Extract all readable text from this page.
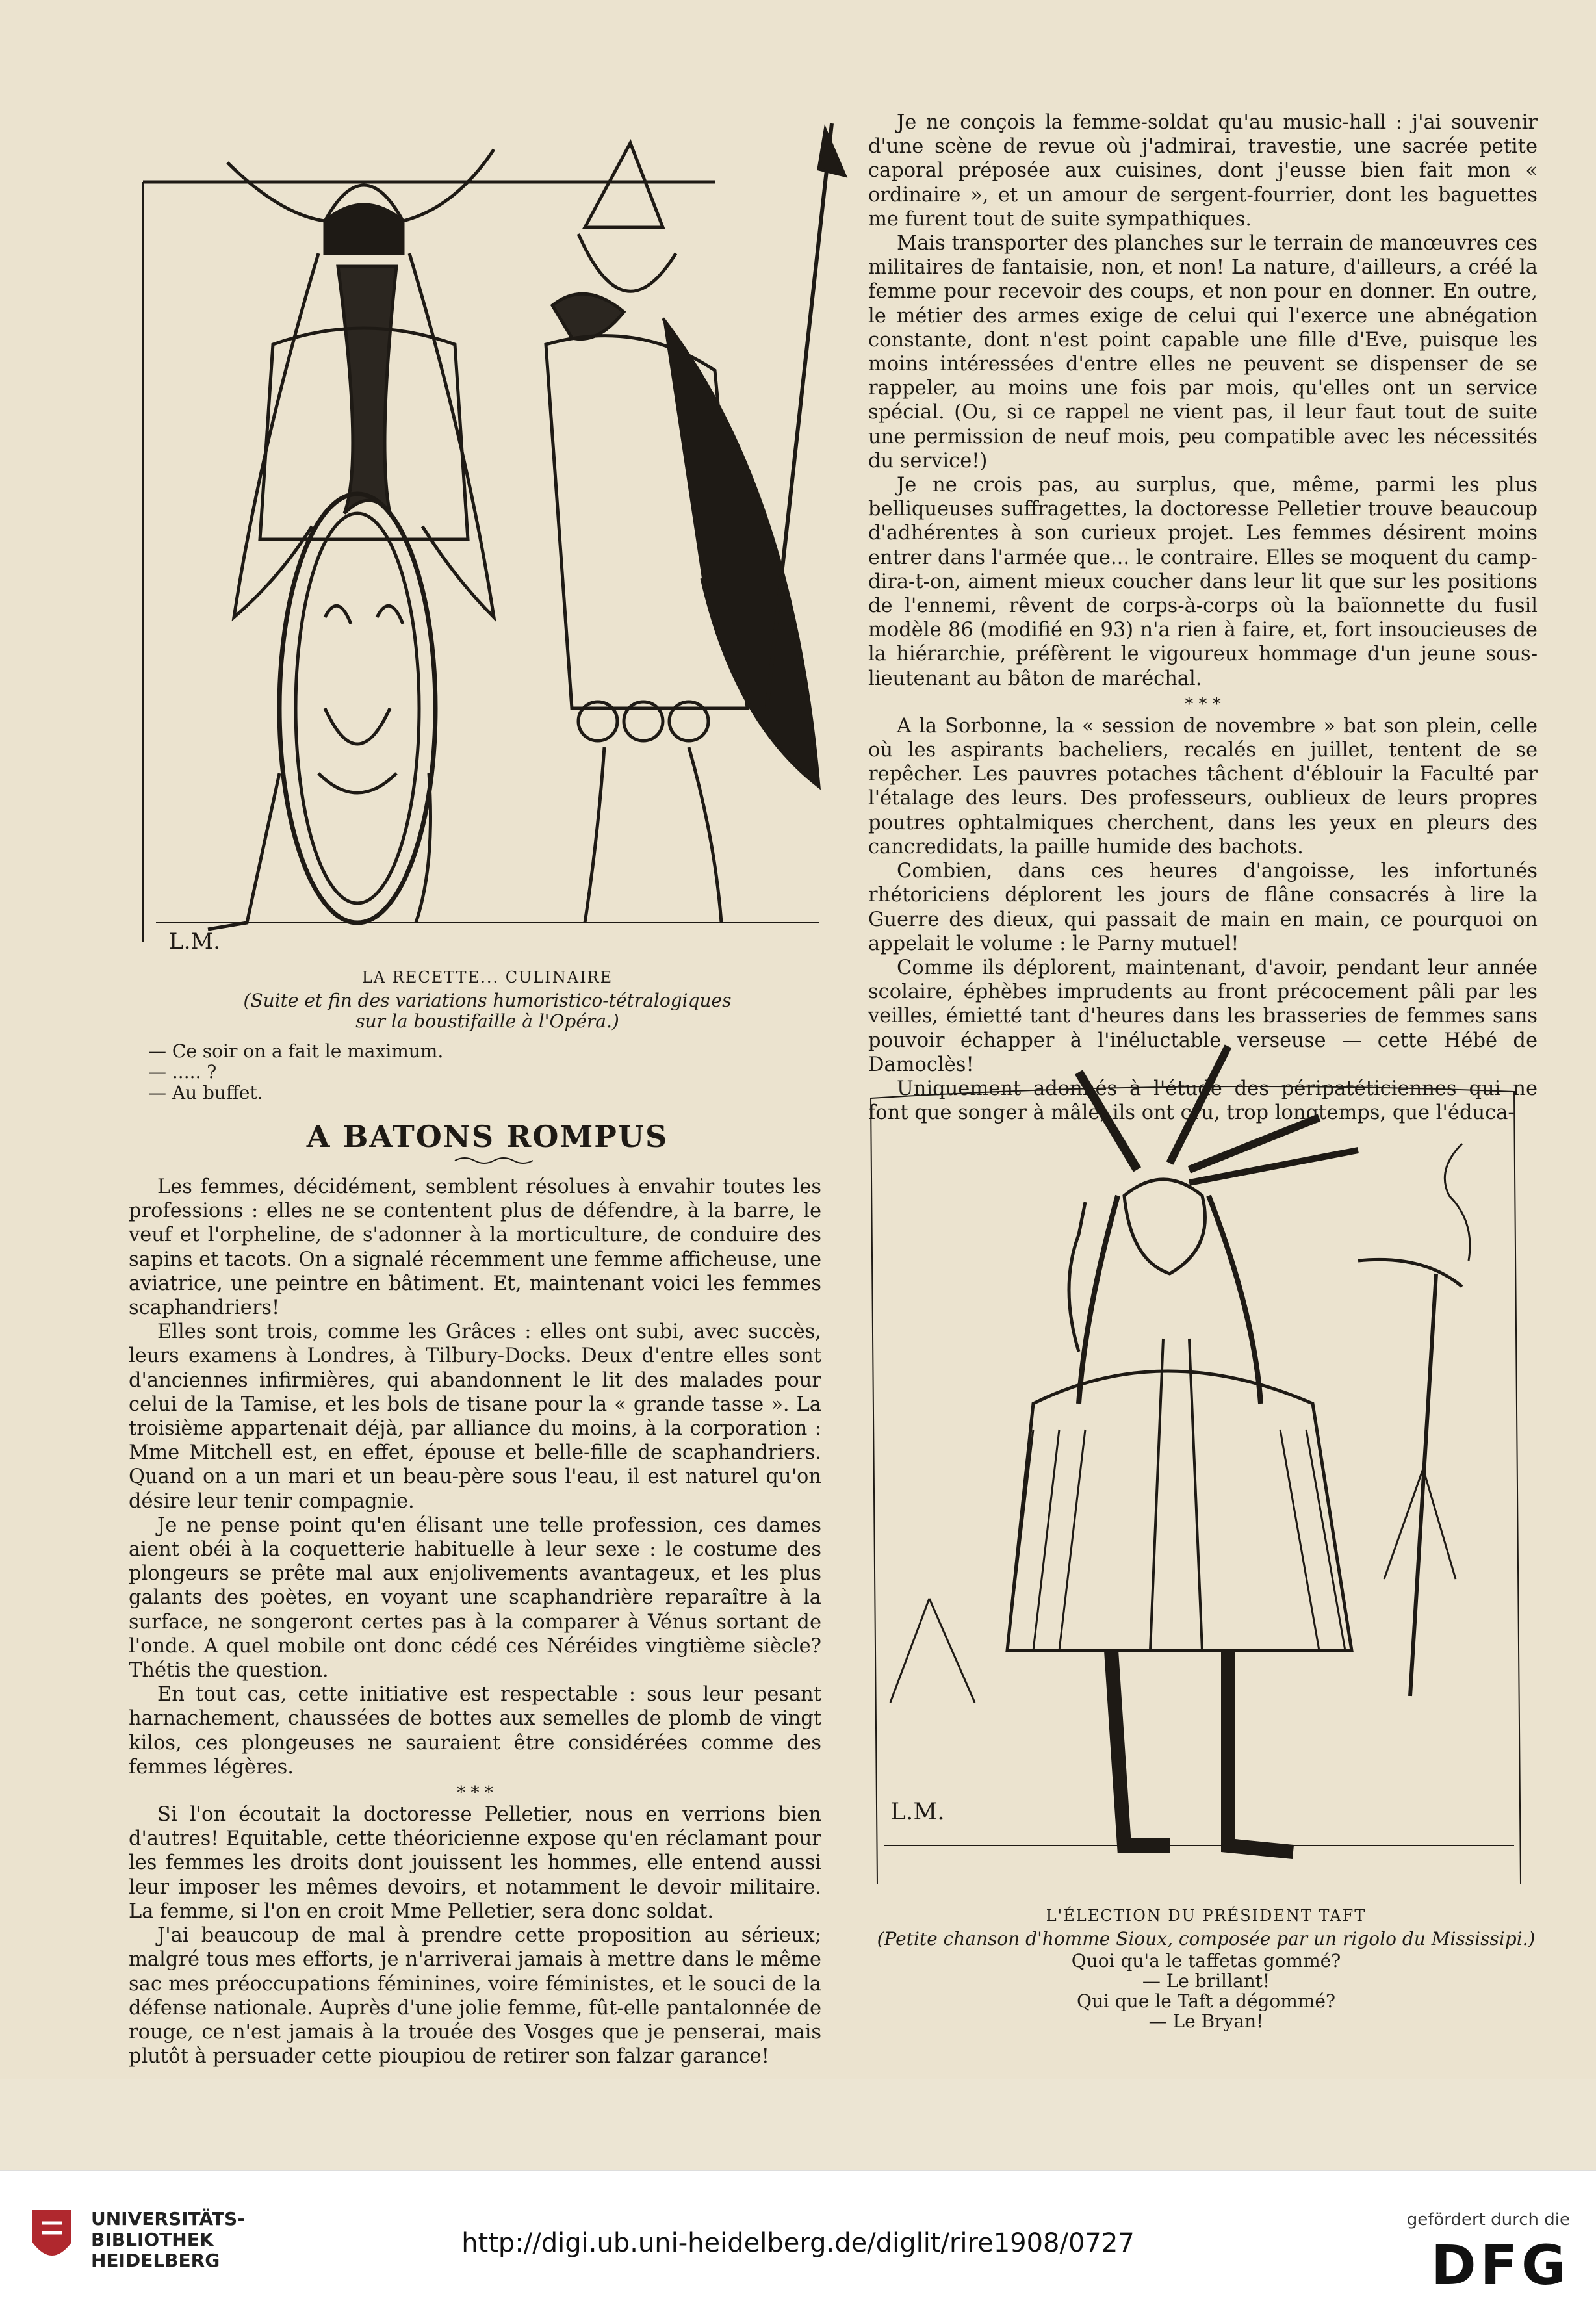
L.M.

LA RECETTE... CULINAIRE

(Suite et fin des variations humoristico-tétralogiques

sur la boustifaille à l'Opéra.)

— Ce soir on a fait le maximum.
— ..... ?
— Au buffet.
A BATONS ROMPUS

Les femmes, décidément, semblent résolues à envahir toutes les professions : elles ne se contentent plus de défendre, à la barre, le veuf et l'orpheline, de s'adonner à la morticulture, de conduire des sapins et tacots. On a signalé récemment une femme afficheuse, une aviatrice, une peintre en bâtiment. Et, maintenant voici les femmes scaphandriers!

Elles sont trois, comme les Grâces : elles ont subi, avec succès, leurs examens à Londres, à Tilbury-Docks. Deux d'entre elles sont d'anciennes infirmières, qui abandonnent le lit des malades pour celui de la Tamise, et les bols de tisane pour la « grande tasse ». La troisième appartenait déjà, par alliance du moins, à la corporation : Mme Mitchell est, en effet, épouse et belle-fille de scaphandriers. Quand on a un mari et un beau-père sous l'eau, il est naturel qu'on désire leur tenir compagnie.

Je ne pense point qu'en élisant une telle profession, ces dames aient obéi à la coquetterie habituelle à leur sexe : le costume des plongeurs se prête mal aux enjolivements avantageux, et les plus galants des poètes, en voyant une scaphandrière reparaître à la surface, ne songeront certes pas à la comparer à Vénus sortant de l'onde. A quel mobile ont donc cédé ces Néréides vingtième siècle? Thétis the question.

En tout cas, cette initiative est respectable : sous leur pesant harnachement, chaussées de bottes aux semelles de plomb de vingt kilos, ces plongeuses ne sauraient être considérées comme des femmes légères.

* * *

Si l'on écoutait la doctoresse Pelletier, nous en verrions bien d'autres! Equitable, cette théoricienne expose qu'en réclamant pour les femmes les droits dont jouissent les hommes, elle entend aussi leur imposer les mêmes devoirs, et notamment le devoir militaire. La femme, si l'on en croit Mme Pelletier, sera donc soldat.

J'ai beaucoup de mal à prendre cette proposition au sérieux; malgré tous mes efforts, je n'arriverai jamais à mettre dans le même sac mes préoccupations féminines, voire féministes, et le souci de la défense nationale. Auprès d'une jolie femme, fût-elle pantalonnée de rouge, ce n'est jamais à la trouée des Vosges que je penserai, mais plutôt à persuader cette pioupiou de retirer son falzar garance!

Je ne conçois la femme-soldat qu'au music-hall : j'ai souvenir d'une scène de revue où j'admirai, travestie, une sacrée petite caporal préposée aux cuisines, dont j'eusse bien fait mon « ordinaire », et un amour de sergent-fourrier, dont les baguettes me furent tout de suite sympathiques.

Mais transporter des planches sur le terrain de manœuvres ces militaires de fantaisie, non, et non! La nature, d'ailleurs, a créé la femme pour recevoir des coups, et non pour en donner. En outre, le métier des armes exige de celui qui l'exerce une abnégation constante, dont n'est point capable une fille d'Eve, puisque les moins intéressées d'entre elles ne peuvent se dispenser de se rappeler, au moins une fois par mois, qu'elles ont un service spécial. (Ou, si ce rappel ne vient pas, il leur faut tout de suite une permission de neuf mois, peu compatible avec les nécessités du service!)

Je ne crois pas, au surplus, que, même, parmi les plus belliqueuses suffragettes, la doctoresse Pelletier trouve beaucoup d'adhérentes à son curieux projet. Les femmes désirent moins entrer dans l'armée que... le contraire. Elles se moquent du camp-dira-t-on, aiment mieux coucher dans leur lit que sur les positions de l'ennemi, rêvent de corps-à-corps où la baïonnette du fusil modèle 86 (modifié en 93) n'a rien à faire, et, fort insoucieuses de la hiérarchie, préfèrent le vigoureux hommage d'un jeune sous-lieutenant au bâton de maréchal.

* * *

A la Sorbonne, la « session de novembre » bat son plein, celle où les aspirants bacheliers, recalés en juillet, tentent de se repêcher. Les pauvres potaches tâchent d'éblouir la Faculté par l'étalage des leurs. Des professeurs, oublieux de leurs propres poutres ophtalmiques cherchent, dans les yeux en pleurs des cancredidats, la paille humide des bachots.

Combien, dans ces heures d'angoisse, les infortunés rhétoriciens déplorent les jours de flâne consacrés à lire la Guerre des dieux, qui passait de main en main, ce pourquoi on appelait le volume : le Parny mutuel!

Comme ils déplorent, maintenant, d'avoir, pendant leur année scolaire, éphèbes imprudents au front précocement pâli par les veilles, émietté tant d'heures dans les brasseries de femmes sans pouvoir échapper à l'inéluctable verseuse — cette Hébé de Damoclès!

Uniquement adonnés à l'étude des péripatéticiennes qui ne font que songer à mâle, ils ont cru, trop longtemps, que l'éduca-

L.M.

L'ÉLECTION DU PRÉSIDENT TAFT

(Petite chanson d'homme Sioux, composée par un rigolo du Mississipi.)

Quoi qu'a le taffetas gommé?
— Le brillant!
Qui que le Taft a dégommé?
— Le Bryan!
UNIVERSITÄTS-
BIBLIOTHEK
HEIDELBERG
http://digi.ub.uni-heidelberg.de/diglit/rire1908/0727
gefördert durch die
DFG
